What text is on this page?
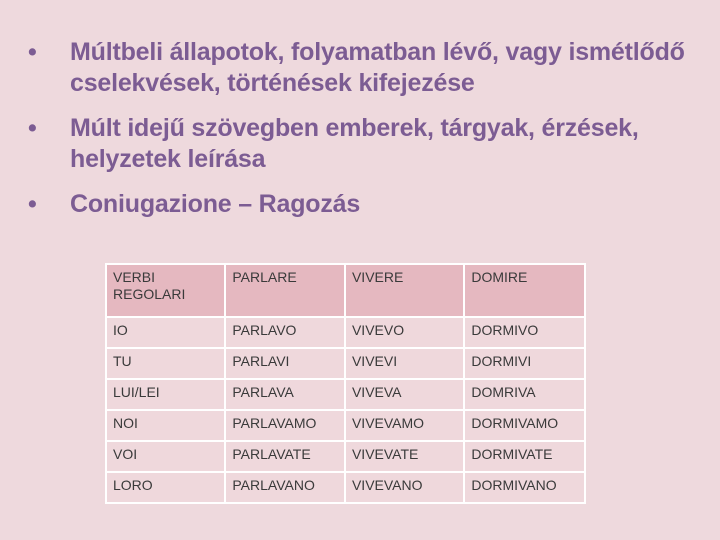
•	Múltbeli állapotok, folyamatban lévő, vagy ismétlődő cselekvések, történések kifejezése
•	Múlt idejű szövegben emberek, tárgyak, érzések, helyzetek leírása
•	Coniugazione – Ragozás
VERBI REGOLARI	PARLARE	VIVERE	DOMIRE
IO	PARLAVO	VIVEVO	DORMIVO
TU	PARLAVI	VIVEVI	DORMIVI
LUI/LEI	PARLAVA	VIVEVA	DOMRIVA
NOI	PARLAVAMO	VIVEVAMO	DORMIVAMO
VOI	PARLAVATE	VIVEVATE	DORMIVATE
LORO	PARLAVANO	VIVEVANO	DORMIVANO
